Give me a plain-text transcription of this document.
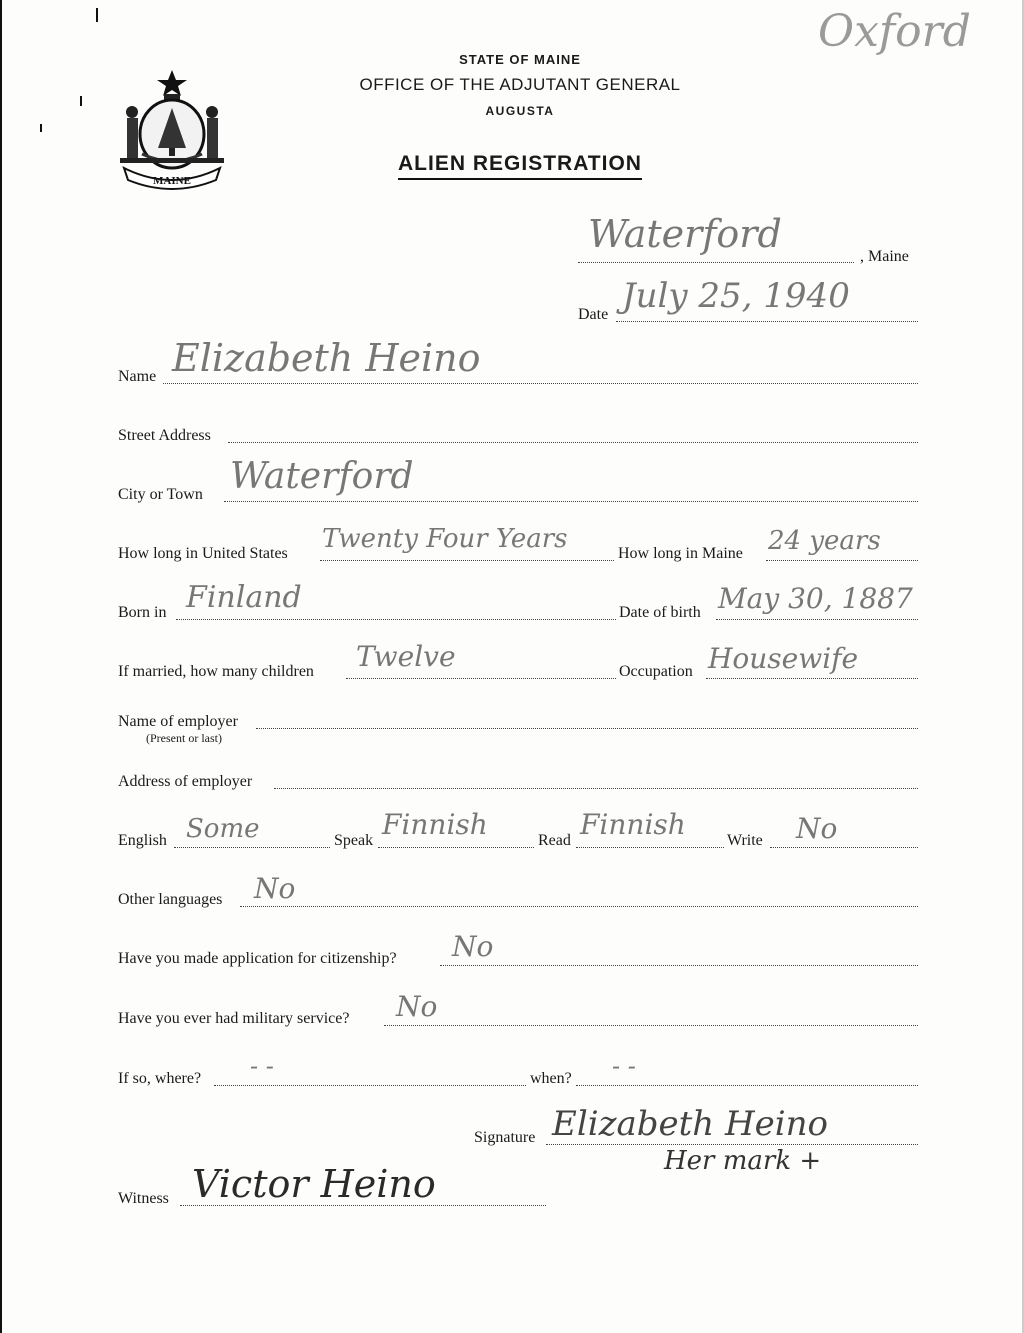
Oxford
MAINE
STATE OF MAINE
OFFICE OF THE ADJUTANT GENERAL
AUGUSTA
ALIEN REGISTRATION
Waterford
, Maine
Date July 25, 1940
Name Elizabeth Heino
Street Address
City or Town Waterford
How long in United States Twenty Four Years	How long in Maine 24 years
Born in Finland	Date of birth May 30, 1887
If married, how many children Twelve	Occupation Housewife
Name of employer
(Present or last)
Address of employer
English Some	Speak Finnish	Read Finnish	Write No
Other languages No
Have you made application for citizenship? No
Have you ever had military service? No
If so, where? - -	when? - -
Signature Elizabeth Heino
Her mark +
Witness Victor Heino
